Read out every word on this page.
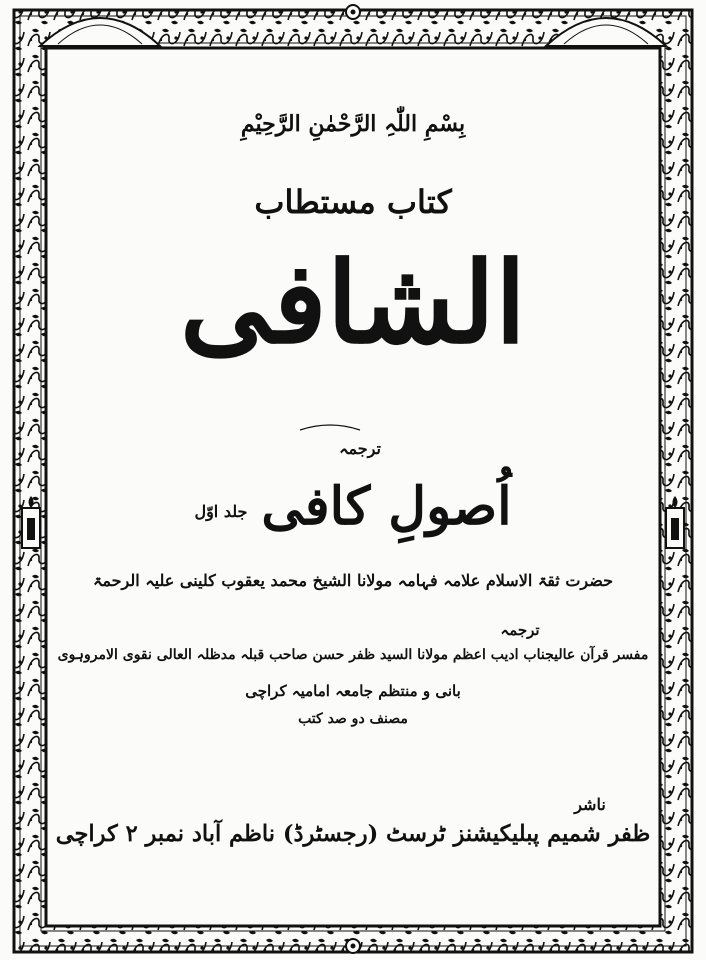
بِسْمِ اللّٰہِ الرَّحْمٰنِ الرَّحِیْمِ
کتاب مستطاب
الشافی
ترجمہ
اُصولِ کافی
جلد اوّل
حضرت ثقۃ الاسلام علامہ فہامہ مولانا الشیخ محمد یعقوب کلینی علیہ الرحمۃ
ترجمہ
مفسر قرآن عالیجناب ادیب اعظم مولانا السید ظفر حسن صاحب قبلہ مدظلہ العالی نقوی الامروہوی
بانی و منتظم جامعہ امامیہ کراچی
مصنف دو صد کتب
ناشر
ظفر شمیم پبلیکیشنز ٹرسٹ (رجسٹرڈ) ناظم آباد نمبر ۲ کراچی
